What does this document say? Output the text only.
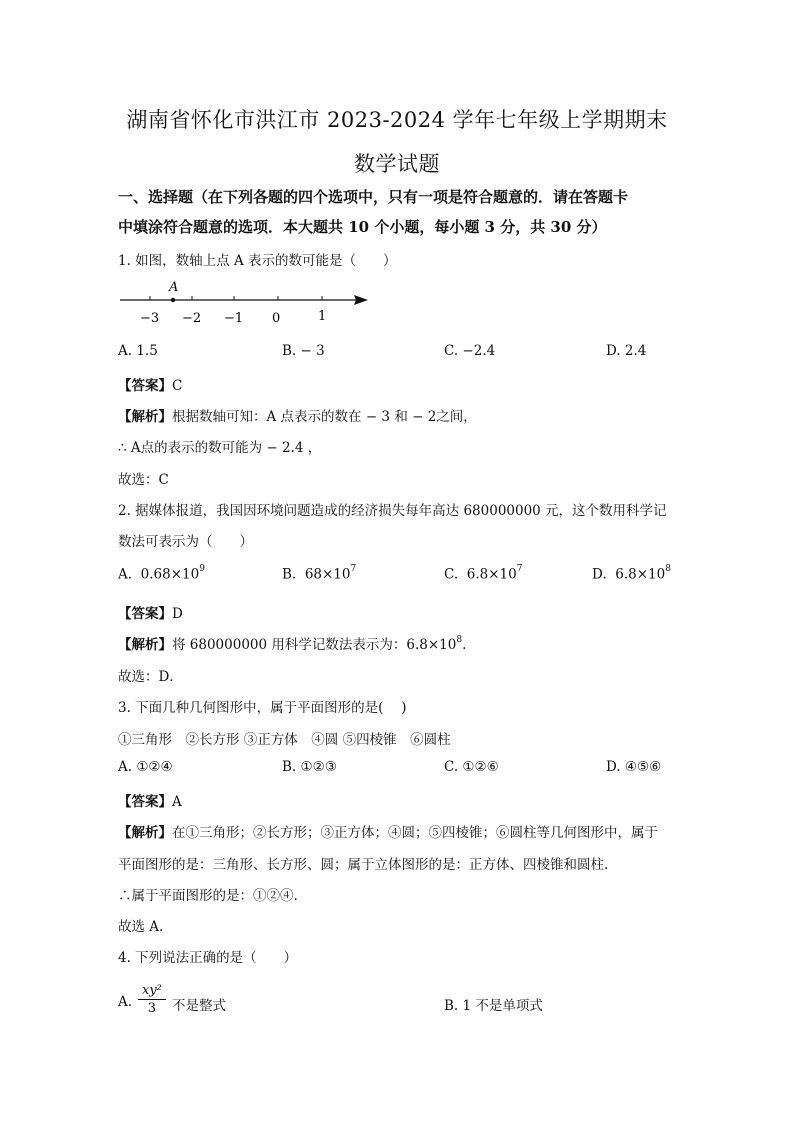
湖南省怀化市洪江市 2023-2024 学年七年级上学期期末
数学试题
一、选择题（在下列各题的四个选项中，只有一项是符合题意的．请在答题卡
中填涂符合题意的选项．本大题共 10 个小题，每小题 3 分，共 30 分）
1. 如图，数轴上点 A 表示的数可能是（　　）
A
−3 −2 −1 0	1
A. 1.5	B. − 3	C. −2.4	D. 2.4
【答案】C
【解析】根据数轴可知：A 点表示的数在 − 3 和 − 2之间，
∴ A点的表示的数可能为 − 2.4 ，
故选：C
2. 据媒体报道，我国因环境问题造成的经济损失每年高达 680000000 元，这个数用科学记
数法可表示为（　　）
A. $0.68\times 10^9$	B. $68\times 10^7$	C. $6.8\times 10^7$	D. $6.8\times 10^8$
【答案】D
【解析】将 680000000 用科学记数法表示为：$6.8\times 10^8$.
故选：D．
3. 下面几种几何图形中，属于平面图形的是(　 )
①三角形　②长方形 ③正方体　④圆 ⑤四棱锥　⑥圆柱
A. ①②④	B. ①②③	C. ①②⑥	D. ④⑤⑥
【答案】A
【解析】在①三角形；②长方形；③正方体；④圆；⑤四棱锥；⑥圆柱等几何图形中，属于
平面图形的是：三角形、长方形、圆；属于立体图形的是：正方体、四棱锥和圆柱.
∴属于平面图形的是：①②④.
故选 A.
4. 下列说法正确的是（　　）
A. $\frac{\text{xy²}}{3}$ 不是整式	B. 1 不是单项式
